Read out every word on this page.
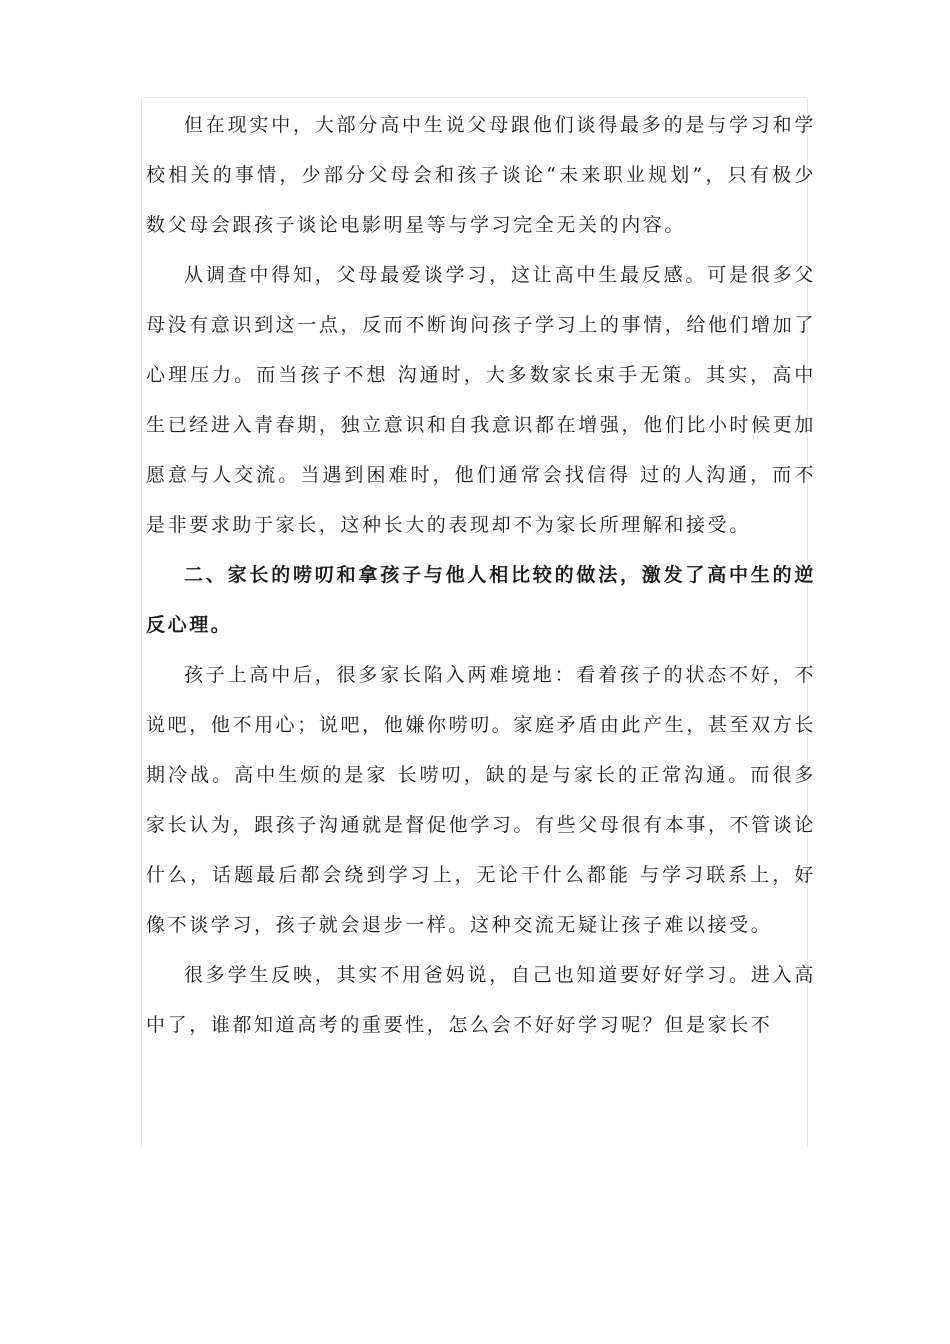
但在现实中，大部分高中生说父母跟他们谈得最多的是与学习和学校相关的事情，少部分父母会和孩子谈论“未来职业规划”，只有极少数父母会跟孩子谈论电影明星等与学习完全无关的内容。

从调查中得知，父母最爱谈学习，这让高中生最反感。可是很多父母没有意识到这一点，反而不断询问孩子学习上的事情，给他们增加了心理压力。而当孩子不想 沟通时，大多数家长束手无策。其实，高中生已经进入青春期，独立意识和自我意识都在增强，他们比小时候更加愿意与人交流。当遇到困难时，他们通常会找信得 过的人沟通，而不是非要求助于家长，这种长大的表现却不为家长所理解和接受。

二、家长的唠叨和拿孩子与他人相比较的做法，激发了高中生的逆反心理。

孩子上高中后，很多家长陷入两难境地：看着孩子的状态不好，不说吧，他不用心；说吧，他嫌你唠叨。家庭矛盾由此产生，甚至双方长期冷战。高中生烦的是家 长唠叨，缺的是与家长的正常沟通。而很多家长认为，跟孩子沟通就是督促他学习。有些父母很有本事，不管谈论什么，话题最后都会绕到学习上，无论干什么都能 与学习联系上，好像不谈学习，孩子就会退步一样。这种交流无疑让孩子难以接受。

很多学生反映，其实不用爸妈说，自己也知道要好好学习。进入高中了，谁都知道高考的重要性，怎么会不好好学习呢？但是家长不
